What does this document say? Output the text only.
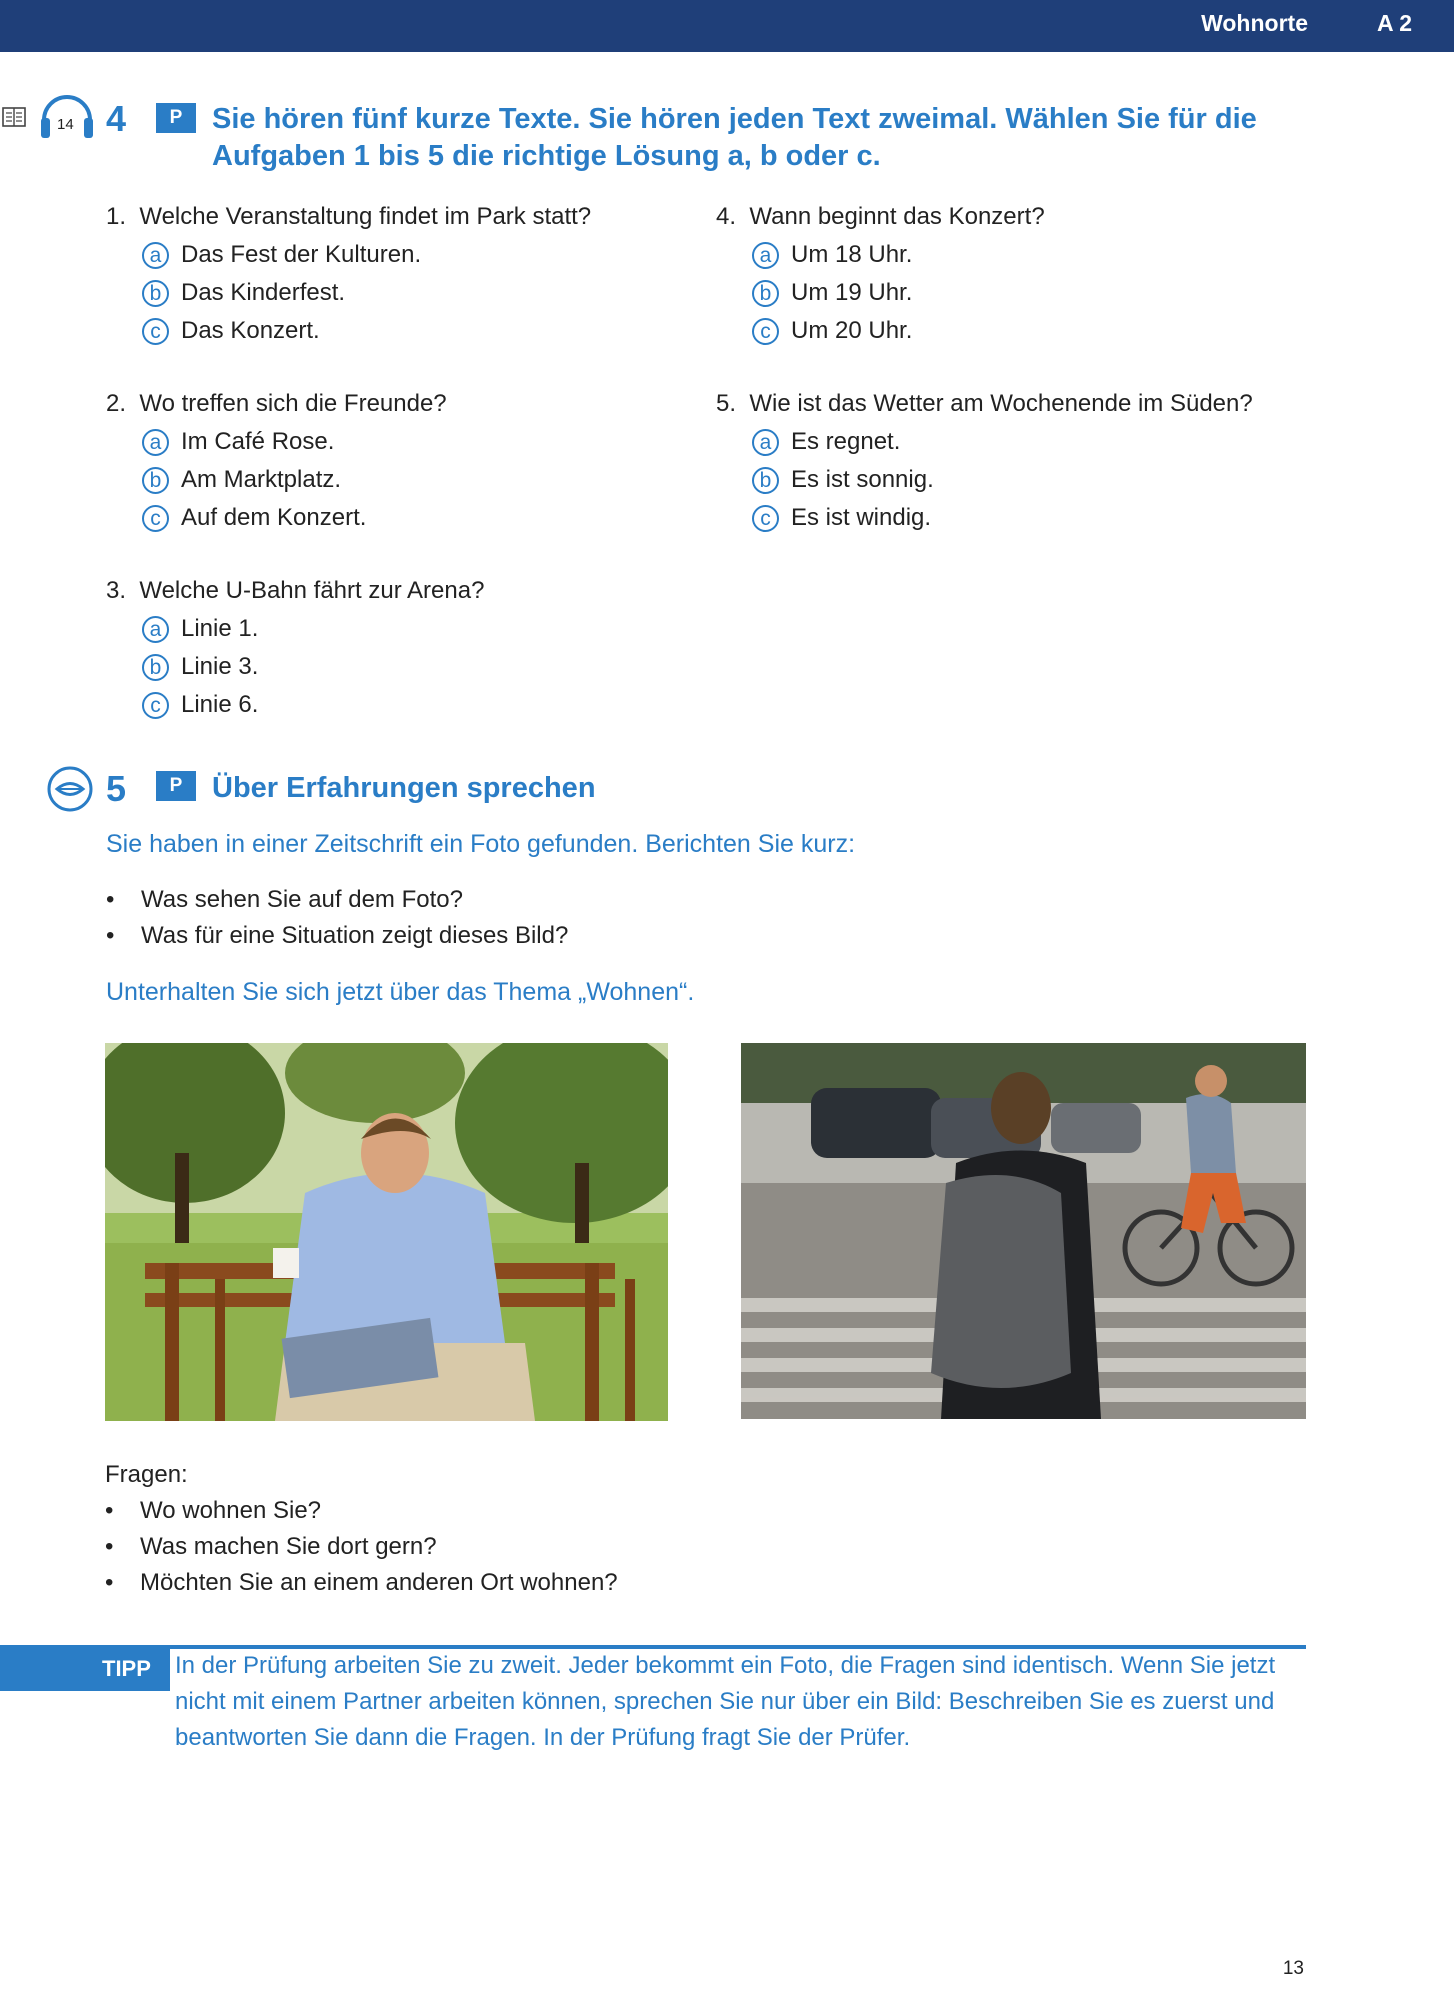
Wohnorte	A 2
14 4	P	Sie hören fünf kurze Texte. Sie hören jeden Text zweimal. Wählen Sie für die
Aufgaben 1 bis 5 die richtige Lösung a, b oder c.
1. Welche Veranstaltung findet im Park statt?
a Das Fest der Kulturen.
b Das Kinderfest.
c Das Konzert.
2. Wo treffen sich die Freunde?
a Im Café Rose.
b Am Marktplatz.
c Auf dem Konzert.
3. Welche U-Bahn fährt zur Arena?
a Linie 1.
b Linie 3.
c Linie 6.
4. Wann beginnt das Konzert?
a Um 18 Uhr.
b Um 19 Uhr.
c Um 20 Uhr.
5. Wie ist das Wetter am Wochenende im Süden?
a Es regnet.
b Es ist sonnig.
c Es ist windig.
5	P	Über Erfahrungen sprechen
Sie haben in einer Zeitschrift ein Foto gefunden. Berichten Sie kurz:
•	Was sehen Sie auf dem Foto?
•	Was für eine Situation zeigt dieses Bild?
Unterhalten Sie sich jetzt über das Thema „Wohnen“.
Fragen:
•	Wo wohnen Sie?
•	Was machen Sie dort gern?
•	Möchten Sie an einem anderen Ort wohnen?
TIPP In der Prüfung arbeiten Sie zu zweit. Jeder bekommt ein Foto, die Fragen sind identisch. Wenn Sie jetzt
nicht mit einem Partner arbeiten können, sprechen Sie nur über ein Bild: Beschreiben Sie es zuerst und
beantworten Sie dann die Fragen. In der Prüfung fragt Sie der Prüfer.
13
